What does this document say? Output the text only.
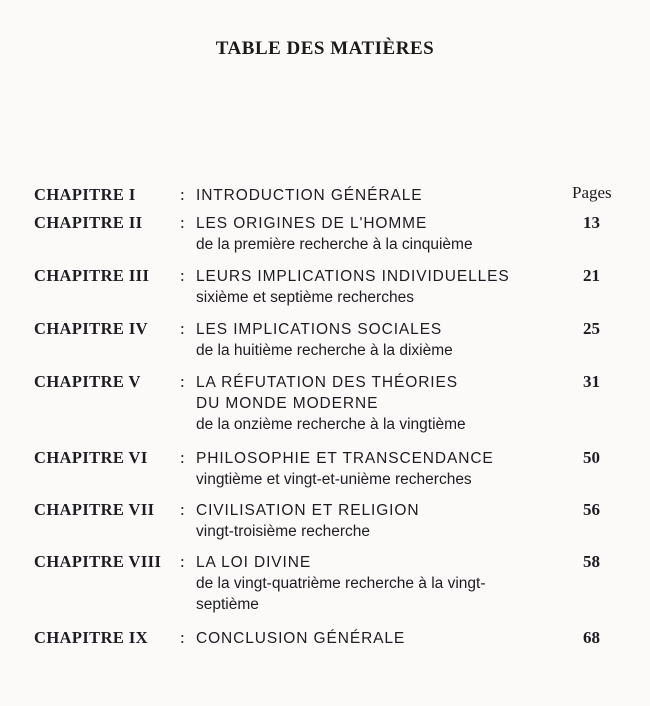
TABLE DES MATIÈRES
Pages
CHAPITRE I	: INTRODUCTION GÉNÉRALE
CHAPITRE II : LES ORIGINES DE L'HOMME
de la première recherche à la cinquième
13
CHAPITRE III : LEURS IMPLICATIONS INDIVIDUELLES
sixième et septième recherches
21
CHAPITRE IV : LES IMPLICATIONS SOCIALES
de la huitième recherche à la dixième
25
CHAPITRE V : LA RÉFUTATION DES THÉORIES
DU MONDE MODERNE
de la onzième recherche à la vingtième
31
CHAPITRE VI : PHILOSOPHIE ET TRANSCENDANCE
vingtième et vingt-et-unième recherches
50
CHAPITRE VII : CIVILISATION ET RELIGION
vingt-troisième recherche
56
CHAPITRE VIII : LA LOI DIVINE
de la vingt-quatrième recherche à la vingt-
septième
58
CHAPITRE IX : CONCLUSION GÉNÉRALE	68
